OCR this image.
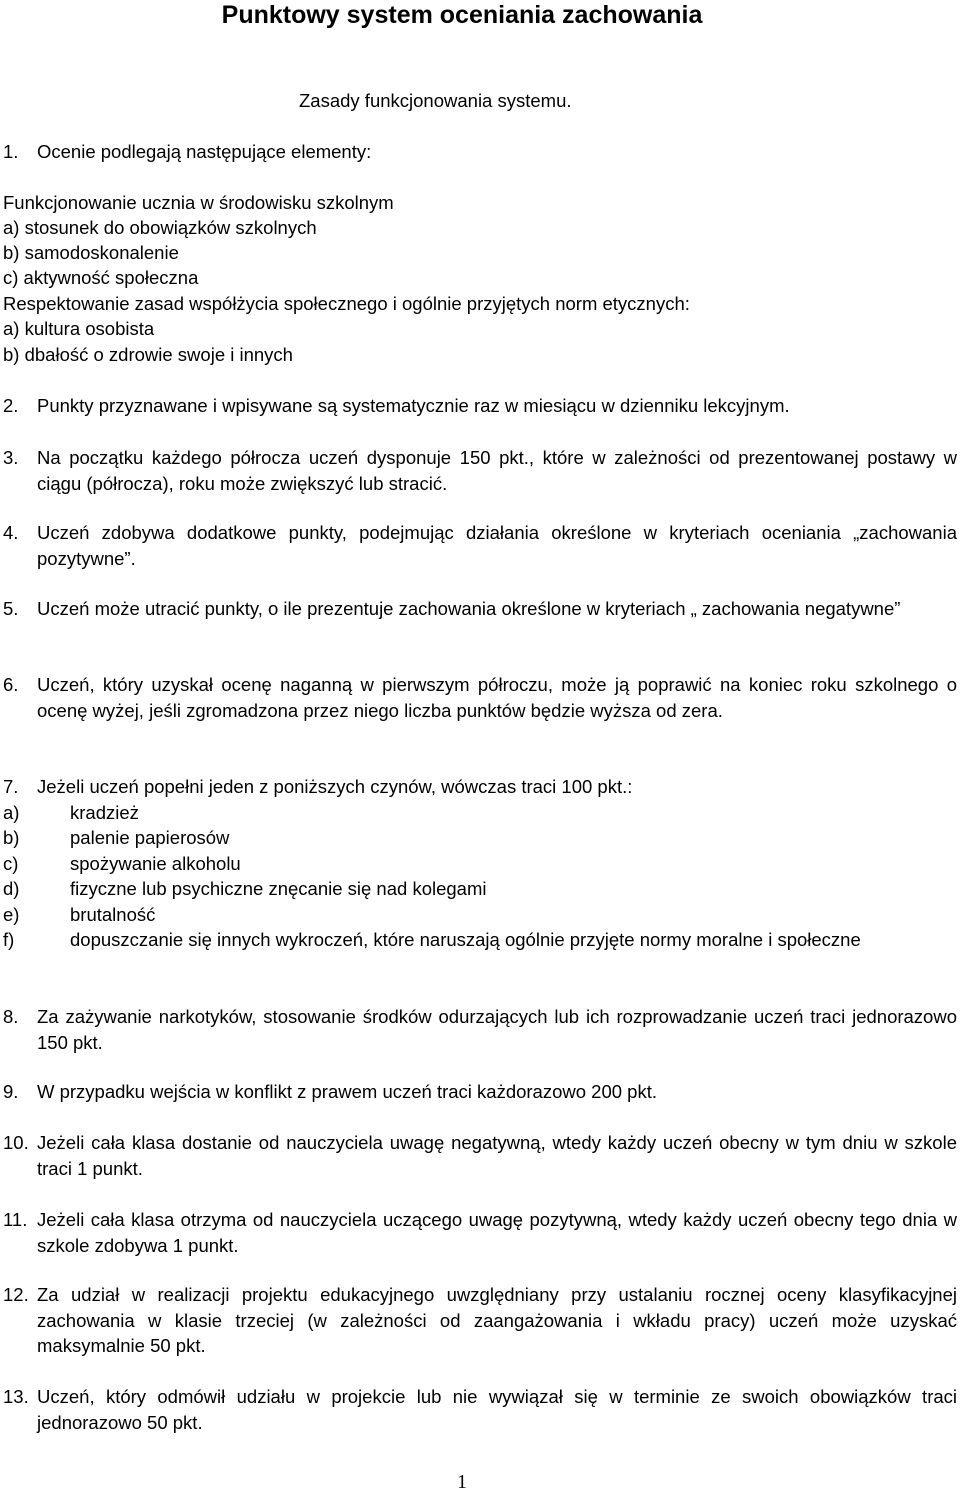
Punktowy system oceniania zachowania
Zasady funkcjonowania systemu.
1. Ocenie podlegają następujące elementy:
Funkcjonowanie ucznia w środowisku szkolnym
a) stosunek do obowiązków szkolnych
b) samodoskonalenie
c) aktywność społeczna
Respektowanie zasad współżycia społecznego i ogólnie przyjętych norm etycznych:
a) kultura osobista
b) dbałość o zdrowie swoje i innych
2. Punkty przyznawane i wpisywane są systematycznie raz w miesiącu w dzienniku lekcyjnym.
3. Na początku każdego półrocza uczeń dysponuje 150 pkt., które w zależności od prezentowanej postawy w ciągu (półrocza), roku może zwiększyć lub stracić.
4. Uczeń zdobywa dodatkowe punkty, podejmując działania określone w kryteriach oceniania „zachowania pozytywne”.
5. Uczeń może utracić punkty, o ile prezentuje zachowania określone w kryteriach „ zachowania negatywne”
6. Uczeń, który uzyskał ocenę naganną w pierwszym półroczu, może ją poprawić na koniec roku szkolnego o ocenę wyżej, jeśli zgromadzona przez niego liczba punktów będzie wyższa od zera.
7. Jeżeli uczeń popełni jeden z poniższych czynów, wówczas traci 100 pkt.:
a)	kradzież
b)	palenie papierosów
c)	spożywanie alkoholu
d)	fizyczne lub psychiczne znęcanie się nad kolegami
e)	brutalność
f)	dopuszczanie się innych wykroczeń, które naruszają ogólnie przyjęte normy moralne i społeczne
8. Za zażywanie narkotyków, stosowanie środków odurzających lub ich rozprowadzanie uczeń traci jednorazowo 150 pkt.
9. W przypadku wejścia w konflikt z prawem uczeń traci każdorazowo 200 pkt.
10. Jeżeli cała klasa dostanie od nauczyciela uwagę negatywną, wtedy każdy uczeń obecny w tym dniu w szkole traci 1 punkt.
11. Jeżeli cała klasa otrzyma od nauczyciela uczącego uwagę pozytywną, wtedy każdy uczeń obecny tego dnia w szkole zdobywa 1 punkt.
12. Za udział w realizacji projektu edukacyjnego uwzględniany przy ustalaniu rocznej oceny klasyfikacyjnej zachowania w klasie trzeciej (w zależności od zaangażowania i wkładu pracy) uczeń może uzyskać maksymalnie 50 pkt.
13. Uczeń, który odmówił udziału w projekcie lub nie wywiązał się w terminie ze swoich obowiązków traci jednorazowo 50 pkt.
1
